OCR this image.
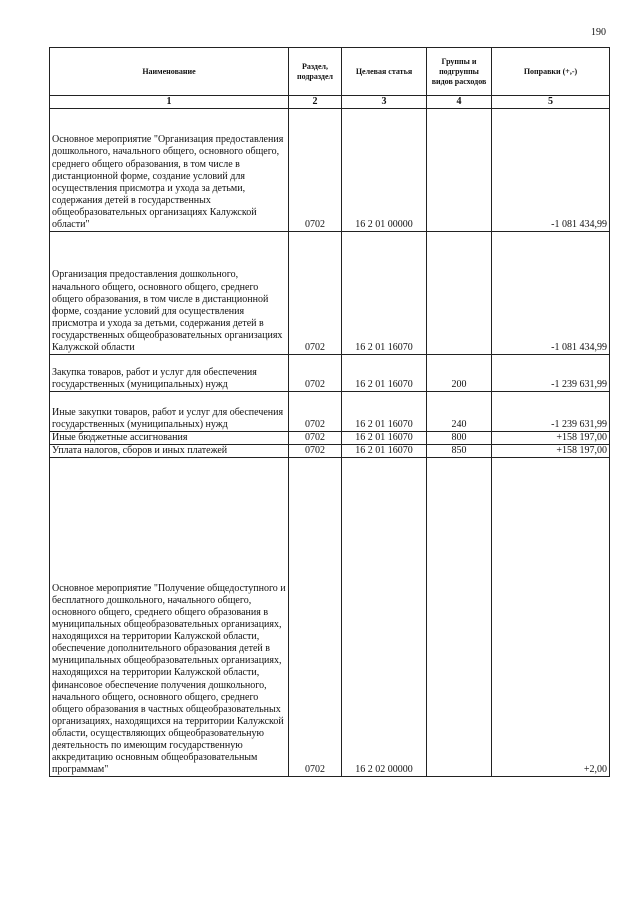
190
Наименование	Раздел, подраздел	Целевая статья	Группы и подгруппы видов расходов	Поправки (+,-)
1	2	3	4	5
Основное мероприятие "Организация предоставления дошкольного, начального общего, основного общего, среднего общего образования, в том числе в дистанционной форме, создание условий для осуществления присмотра и ухода за детьми, содержания детей в государственных общеобразовательных организациях Калужской области"	0702	16 2 01 00000		-1 081 434,99
Организация предоставления дошкольного, начального общего, основного общего, среднего общего образования, в том числе в дистанционной форме, создание условий для осуществления присмотра и ухода за детьми, содержания детей в государственных общеобразовательных организациях Калужской области	0702	16 2 01 16070		-1 081 434,99
Закупка товаров, работ и услуг для обеспечения государственных (муниципальных) нужд	0702	16 2 01 16070	200	-1 239 631,99
Иные закупки товаров, работ и услуг для обеспечения государственных (муниципальных) нужд	0702	16 2 01 16070	240	-1 239 631,99
Иные бюджетные ассигнования	0702	16 2 01 16070	800	+158 197,00
Уплата налогов, сборов и иных платежей	0702	16 2 01 16070	850	+158 197,00
Основное мероприятие "Получение общедоступного и бесплатного дошкольного, начального общего, основного общего, среднего общего образования в муниципальных общеобразовательных организациях, находящихся на территории Калужской области, обеспечение дополнительного образования детей в муниципальных общеобразовательных организациях, находящихся на территории Калужской области, финансовое обеспечение получения дошкольного, начального общего, основного общего, среднего общего образования в частных общеобразовательных организациях, находящихся на территории Калужской области, осуществляющих общеобразовательную деятельность по имеющим государственную аккредитацию основным общеобразовательным программам"	0702	16 2 02 00000		+2,00
